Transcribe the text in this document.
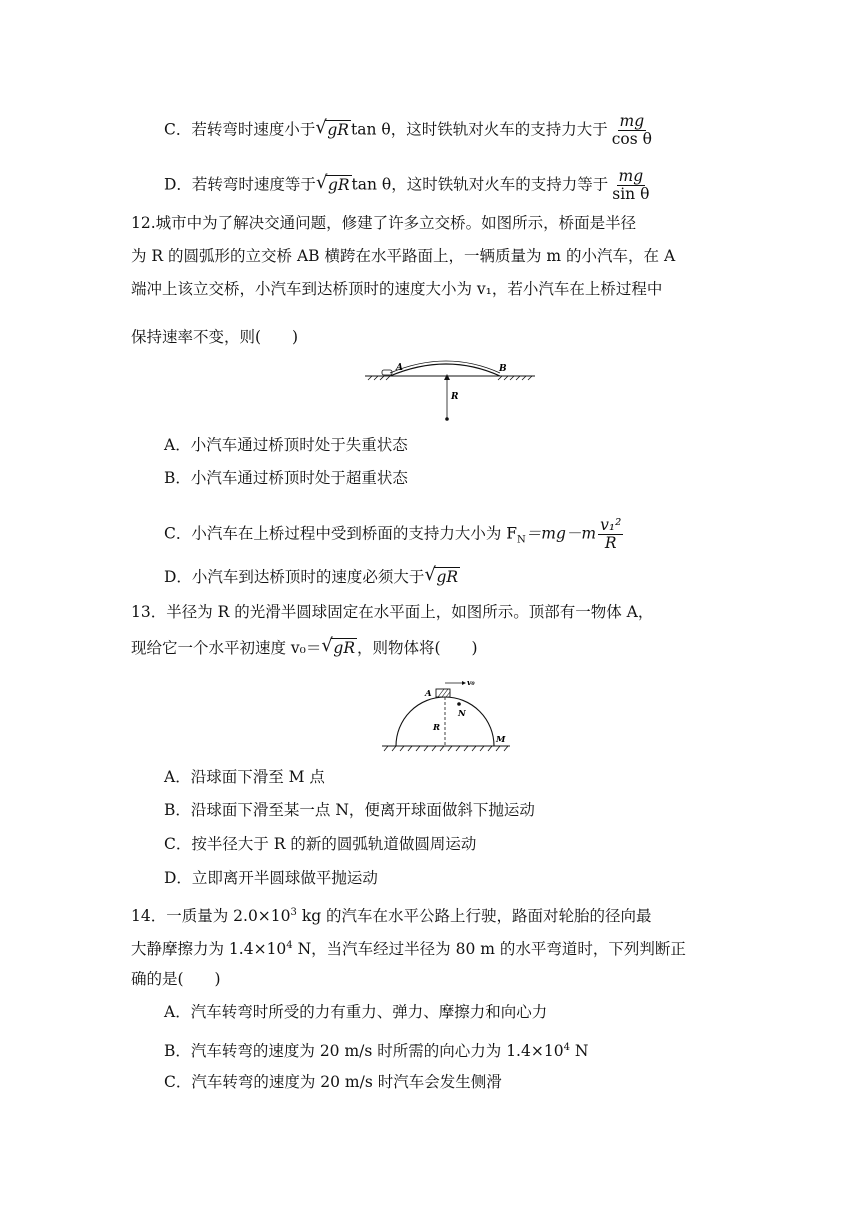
C．若转弯时速度小于 √ gR tan θ，这时铁轨对火车的支持力大于 $\frac{mg}{\text{cos θ}}$
D．若转弯时速度等于 √ gR tan θ，这时铁轨对火车的支持力等于 $\frac{mg}{\text{sin θ}}$
12.城市中为了解决交通问题，修建了许多立交桥。如图所示，桥面是半径
为 R 的圆弧形的立交桥 AB 横跨在水平路面上，一辆质量为 m 的小汽车，在 A
端冲上该立交桥，小汽车到达桥顶时的速度大小为 v₁，若小汽车在上桥过程中
保持速率不变，则(　　)
A	B
R
A．小汽车通过桥顶时处于失重状态
B．小汽车通过桥顶时处于超重状态
C．小汽车在上桥过程中受到桥面的支持力大小为 $F_N=mg-m \frac{\text{v₁²}}{R}$
D．小汽车到达桥顶时的速度必须大于 √ gR
13．半径为 R 的光滑半圆球固定在水平面上，如图所示。顶部有一物体 A，
现给它一个水平初速度 v₀＝ √ gR ，则物体将(　　)
A
v₀
N
R
M
A．沿球面下滑至 M 点
B．沿球面下滑至某一点 N，便离开球面做斜下抛运动
C．按半径大于 R 的新的圆弧轨道做圆周运动
D．立即离开半圆球做平抛运动
14．一质量为 $2.0\times 10^3$ kg 的汽车在水平公路上行驶，路面对轮胎的径向最
大静摩擦力为 $1.4\times 10^4$ N，当汽车经过半径为 80 m 的水平弯道时，下列判断正
确的是(　　)
A．汽车转弯时所受的力有重力、弹力、摩擦力和向心力
B．汽车转弯的速度为 20 m/s 时所需的向心力为 $1.4\times 10^4$ N
C．汽车转弯的速度为 20 m/s 时汽车会发生侧滑
